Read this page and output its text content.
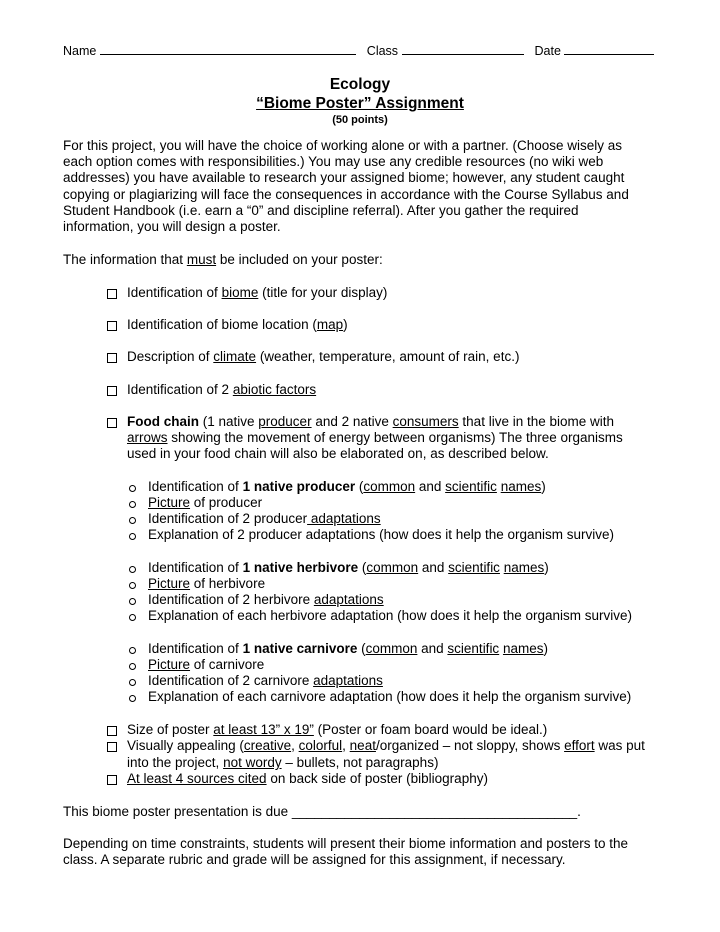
Name	Class	Date
Ecology
“Biome Poster” Assignment
(50 points)
For this project, you will have the choice of working alone or with a partner. (Choose wisely as
each option comes with responsibilities.) You may use any credible resources (no wiki web
addresses) you have available to research your assigned biome; however, any student caught
copying or plagiarizing will face the consequences in accordance with the Course Syllabus and
Student Handbook (i.e. earn a “0” and discipline referral). After you gather the required
information, you will design a poster.
The information that must be included on your poster:
Identification of biome (title for your display)
Identification of biome location (map)
Description of climate (weather, temperature, amount of rain, etc.)
Identification of 2 abiotic factors
Food chain (1 native producer and 2 native consumers that live in the biome with
arrows showing the movement of energy between organisms) The three organisms
used in your food chain will also be elaborated on, as described below.
Identification of 1 native producer (common and scientific names)
Picture of producer
Identification of 2 producer adaptations
Explanation of 2 producer adaptations (how does it help the organism survive)
Identification of 1 native herbivore (common and scientific names)
Picture of herbivore
Identification of 2 herbivore adaptations
Explanation of each herbivore adaptation (how does it help the organism survive)
Identification of 1 native carnivore (common and scientific names)
Picture of carnivore
Identification of 2 carnivore adaptations
Explanation of each carnivore adaptation (how does it help the organism survive)
Size of poster at least 13” x 19” (Poster or foam board would be ideal.)
Visually appealing (creative, colorful, neat/organized – not sloppy, shows effort was put
into the project, not wordy – bullets, not paragraphs)
At least 4 sources cited on back side of poster (bibliography)
This biome poster presentation is due ______________________________________.
Depending on time constraints, students will present their biome information and posters to the
class. A separate rubric and grade will be assigned for this assignment, if necessary.
